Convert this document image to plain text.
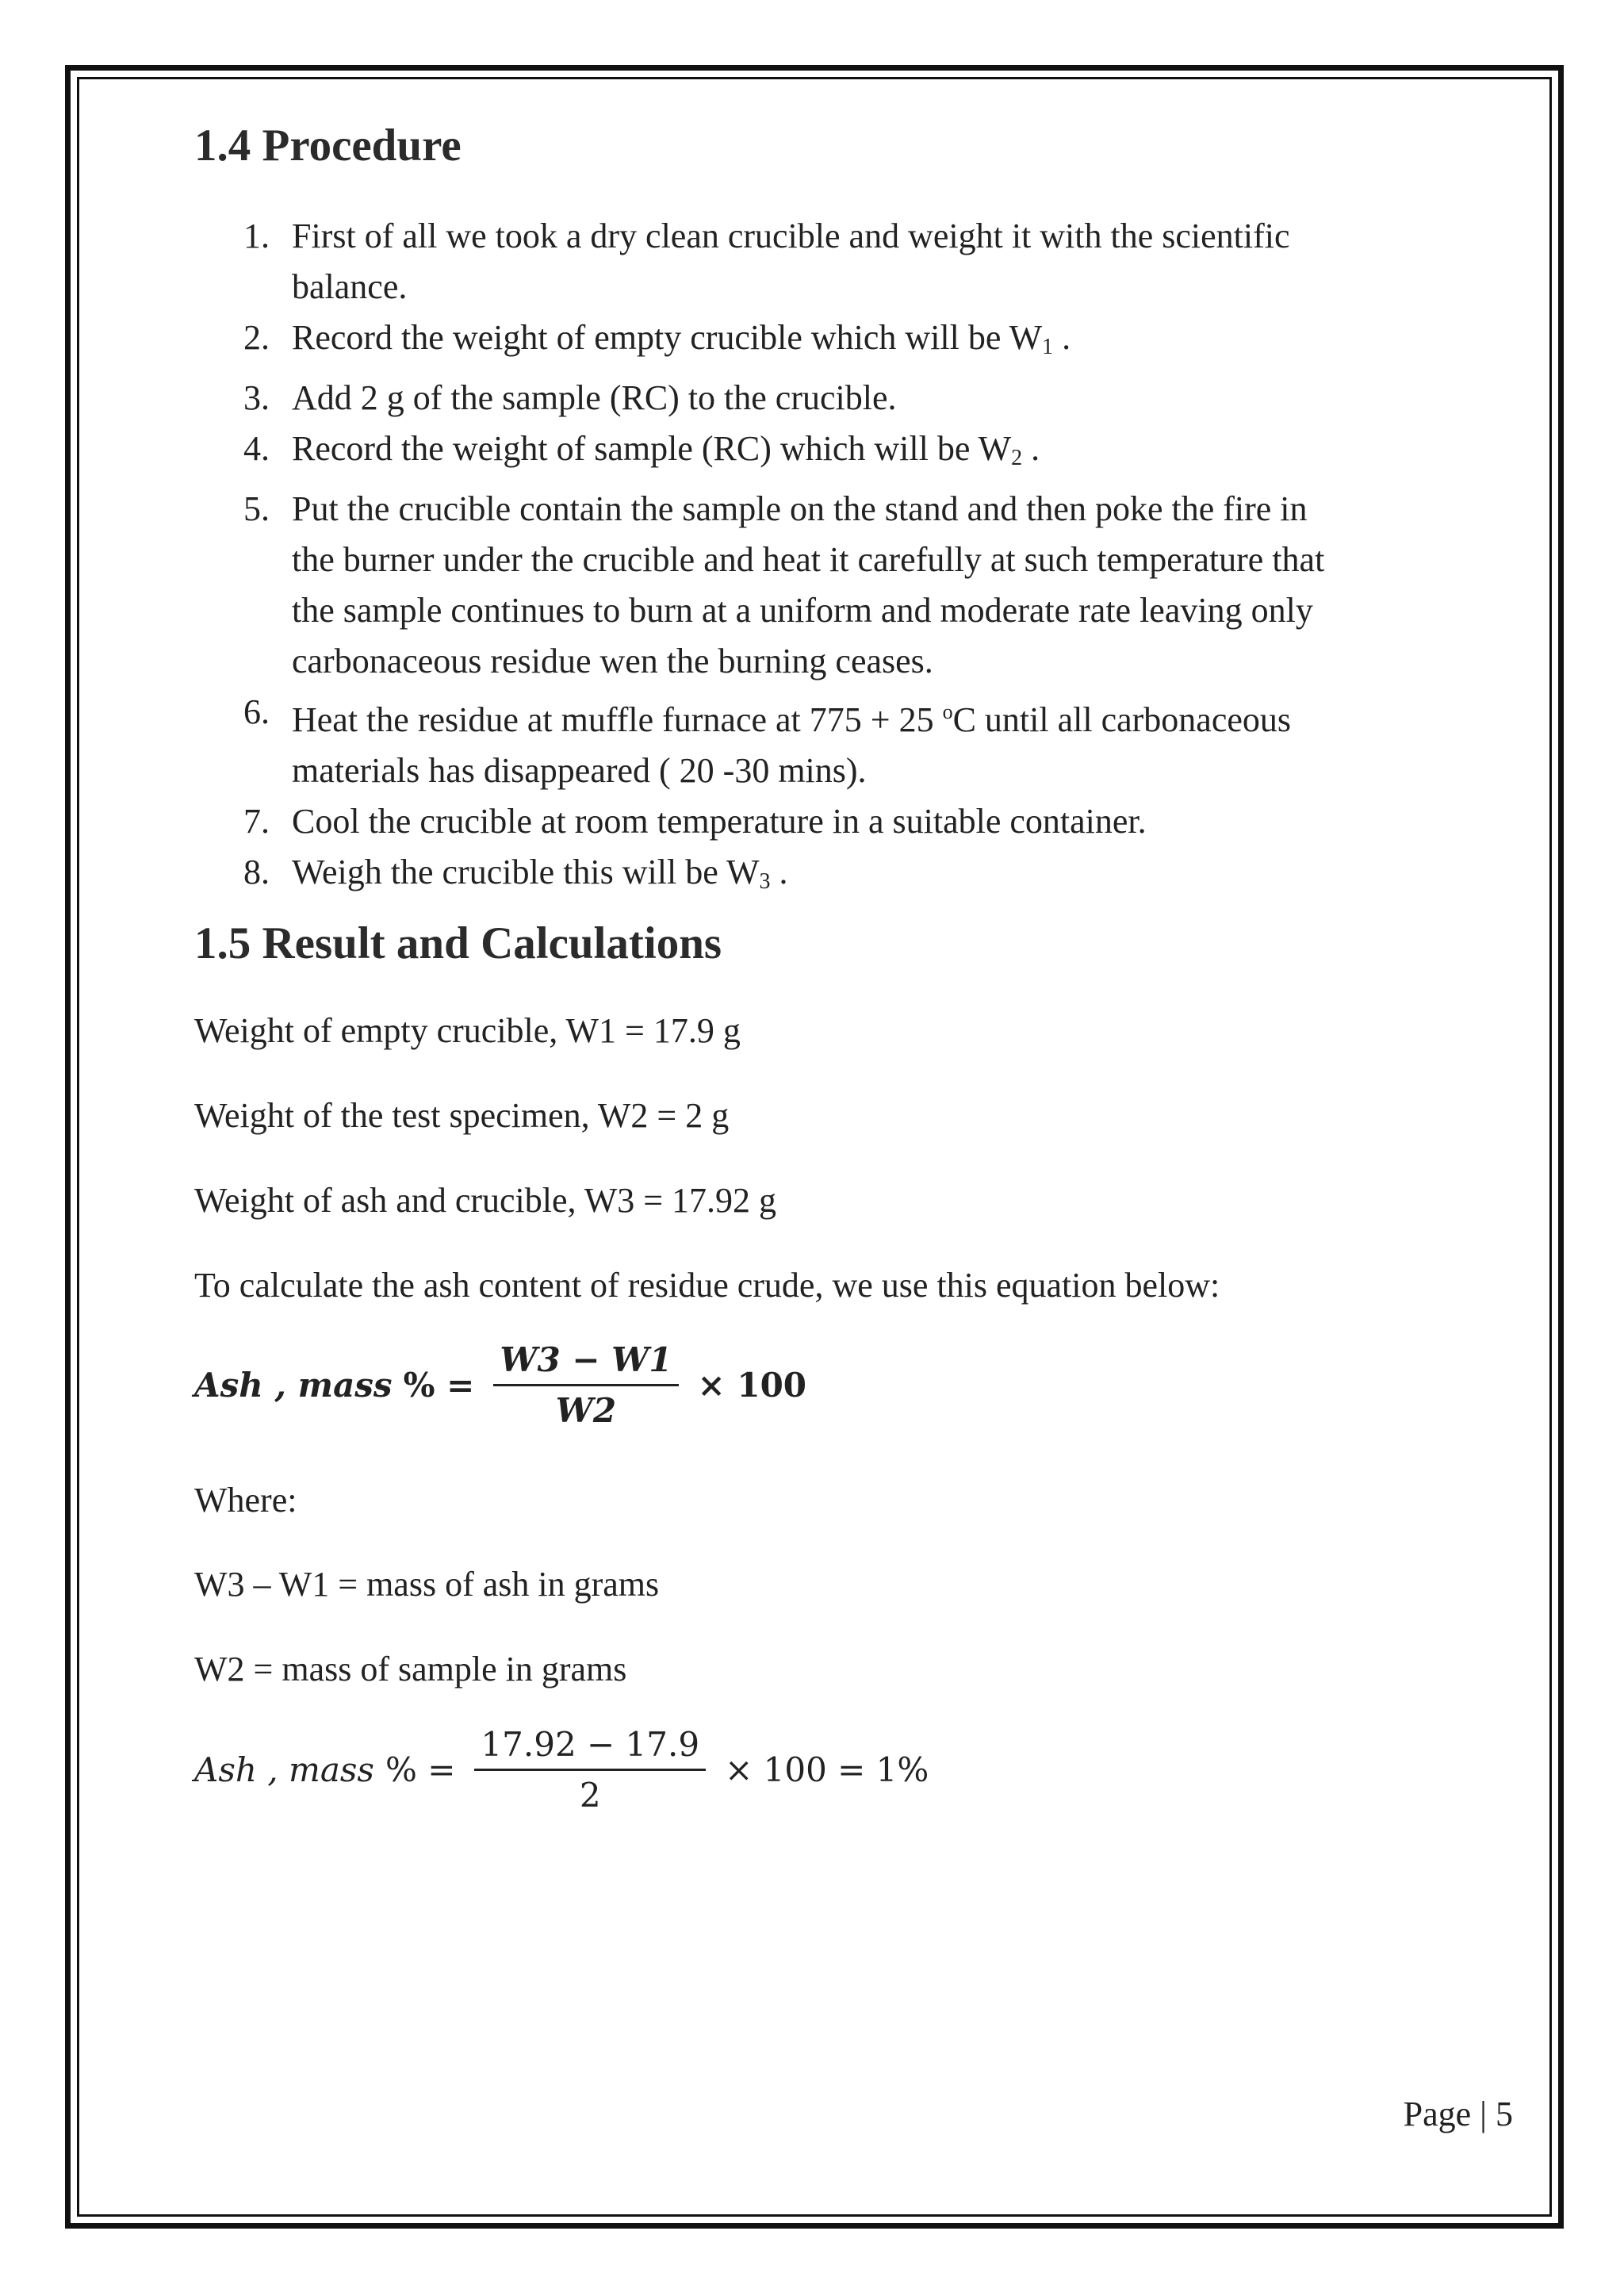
1.4 Procedure
1. First of all we took a dry clean crucible and weight it with the scientific
balance.
2. Record the weight of empty crucible which will be $W_1$ .
3. Add 2 g of the sample (RC) to the crucible.
4. Record the weight of sample (RC) which will be $W_2$ .
5. Put the crucible contain the sample on the stand and then poke the fire in
the burner under the crucible and heat it carefully at such temperature that
the sample continues to burn at a uniform and moderate rate leaving only
carbonaceous residue wen the burning ceases.
6. Heat the residue at muffle furnace at 775 + 25 $^o$C until all carbonaceous
materials has disappeared ( 20 -30 mins).
7. Cool the crucible at room temperature in a suitable container.
8. Weigh the crucible this will be $W_3$ .
1.5 Result and Calculations

Weight of empty crucible, W1 = 17.9 g

Weight of the test specimen, W2 = 2 g

Weight of ash and crucible, W3 = 17.92 g

To calculate the ash content of residue crude, we use this equation below:

Ash , mass % = $\frac{W3 - W1}{W2} \times 100$

Where:

W3 – W1 = mass of ash in grams

W2 = mass of sample in grams

Ash , mass % = $\frac{17.92 - 17.9}{2} \times 100 = 1\%$
Page | 5
